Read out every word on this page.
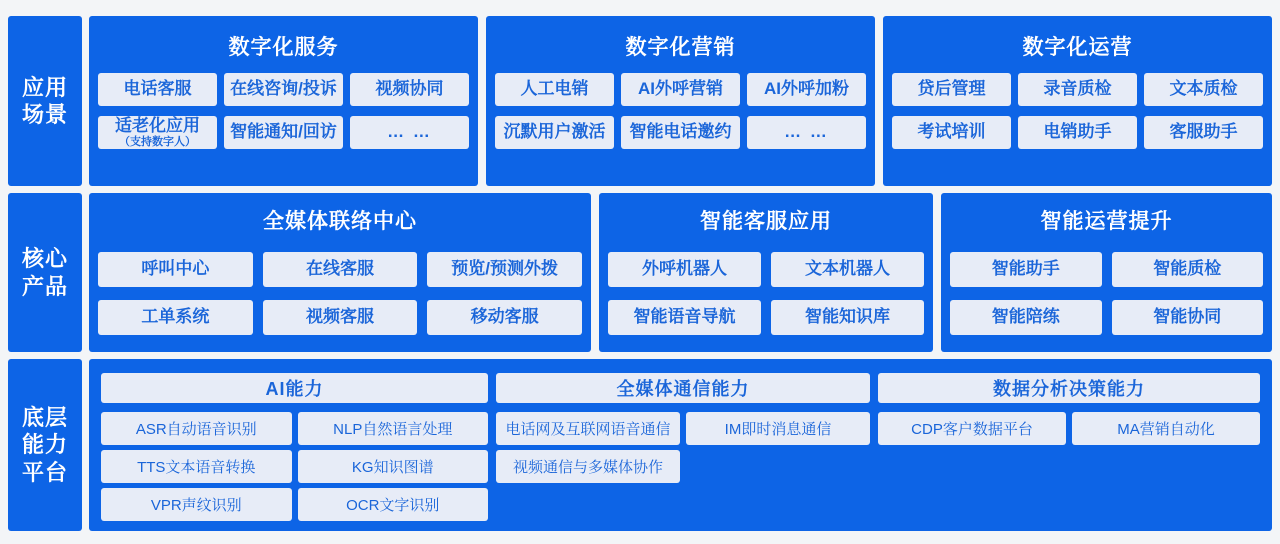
应用
场景
数字化服务
电话客服	在线咨询/投诉	视频协同
适老化应用
（支持数字人）
智能通知/回访	… …
数字化营销
人工电销	AI外呼营销	AI外呼加粉
沉默用户激活	智能电话邀约	… …
数字化运营
贷后管理	录音质检	文本质检
考试培训	电销助手	客服助手
核心
产品
全媒体联络中心
呼叫中心	在线客服	预览/预测外拨
工单系统	视频客服	移动客服
智能客服应用
外呼机器人	文本机器人
智能语音导航	智能知识库
智能运营提升
智能助手	智能质检
智能陪练	智能协同
底层
能力
平台
AI能力
ASR自动语音识别	NLP自然语言处理
TTS文本语音转换	KG知识图谱
VPR声纹识别	OCR文字识别
全媒体通信能力
电话网及互联网语音通信	IM即时消息通信
视频通信与多媒体协作
数据分析决策能力
CDP客户数据平台	MA营销自动化
